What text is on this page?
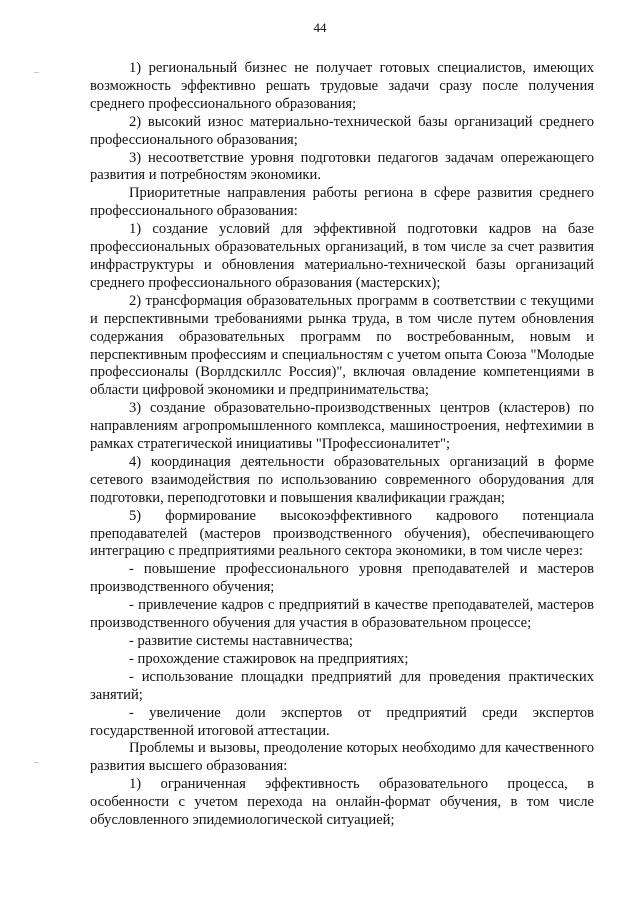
44

1) региональный бизнес не получает готовых специалистов, имеющих возможность эффективно решать трудовые задачи сразу после получения среднего профессионального образования;

2) высокий износ материально-технической базы организаций среднего профессионального образования;

3) несоответствие уровня подготовки педагогов задачам опережающего развития и потребностям экономики.

Приоритетные направления работы региона в сфере развития среднего профессионального образования:

1) создание условий для эффективной подготовки кадров на базе профессиональных образовательных организаций, в том числе за счет развития инфраструктуры и обновления материально-технической базы организаций среднего профессионального образования (мастерских);

2) трансформация образовательных программ в соответствии с текущими и перспективными требованиями рынка труда, в том числе путем обновления содержания образовательных программ по востребованным, новым и перспективным профессиям и специальностям с учетом опыта Союза "Молодые профессионалы (Ворлдскиллс Россия)", включая овладение компетенциями в области цифровой экономики и предпринимательства;

3) создание образовательно-производственных центров (кластеров) по направлениям агропромышленного комплекса, машиностроения, нефтехимии в рамках стратегической инициативы "Профессионалитет";

4) координация деятельности образовательных организаций в форме сетевого взаимодействия по использованию современного оборудования для подготовки, переподготовки и повышения квалификации граждан;

5) формирование высокоэффективного кадрового потенциала преподавателей (мастеров производственного обучения), обеспечивающего интеграцию с предприятиями реального сектора экономики, в том числе через:

- повышение профессионального уровня преподавателей и мастеров производственного обучения;

- привлечение кадров с предприятий в качестве преподавателей, мастеров производственного обучения для участия в образовательном процессе;

- развитие системы наставничества;

- прохождение стажировок на предприятиях;

- использование площадки предприятий для проведения практических занятий;

- увеличение доли экспертов от предприятий среди экспертов государственной итоговой аттестации.

Проблемы и вызовы, преодоление которых необходимо для качественного развития высшего образования:

1) ограниченная эффективность образовательного процесса, в особенности с учетом перехода на онлайн-формат обучения, в том числе обусловленного эпидемиологической ситуацией;
